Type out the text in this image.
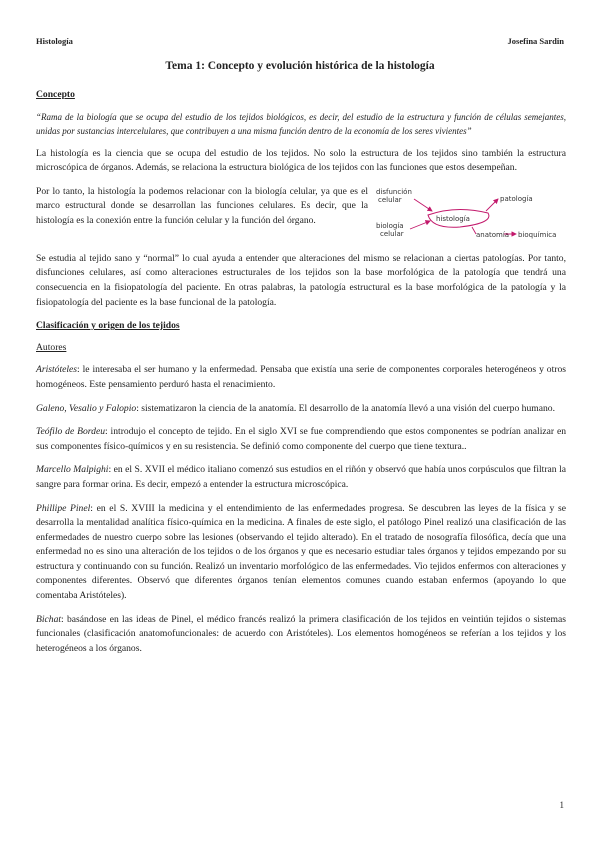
Histología	Josefina Sardin
Tema 1: Concepto y evolución histórica de la histología
Concepto

“Rama de la biología que se ocupa del estudio de los tejidos biológicos, es decir, del estudio de la estructura y función de células semejantes, unidas por sustancias intercelulares, que contribuyen a una misma función dentro de la economía de los seres vivientes”

La histología es la ciencia que se ocupa del estudio de los tejidos. No solo la estructura de los tejidos sino también la estructura microscópica de órganos. Además, se relaciona la estructura biológica de los tejidos con las funciones que estos desempeñan.

Por lo tanto, la histología la podemos relacionar con la biología celular, ya que es el marco estructural donde se desarrollan las funciones celulares. Es decir, que la histología es la conexión entre la función celular y la función del órgano.	histología
disfunción
celular
biología
celular
patología
anatomía bioquímica

Se estudia al tejido sano y “normal” lo cual ayuda a entender que alteraciones del mismo se relacionan a ciertas patologías. Por tanto, disfunciones celulares, así como alteraciones estructurales de los tejidos son la base morfológica de la patología que tendrá una consecuencia en la fisiopatología del paciente. En otras palabras, la patología estructural es la base morfológica de la patología y la fisiopatología del paciente es la base funcional de la patología.

Clasificación y origen de los tejidos
Autores

Aristóteles: le interesaba el ser humano y la enfermedad. Pensaba que existía una serie de componentes corporales heterogéneos y otros homogéneos. Este pensamiento perduró hasta el renacimiento.

Galeno, Vesalio y Falopio: sistematizaron la ciencia de la anatomía. El desarrollo de la anatomía llevó a una visión del cuerpo humano.

Teófilo de Bordeu: introdujo el concepto de tejido. En el siglo XVI se fue comprendiendo que estos componentes se podrían analizar en sus componentes físico-químicos y en su resistencia. Se definió como componente del cuerpo que tiene textura..

Marcello Malpighi: en el S. XVII el médico italiano comenzó sus estudios en el riñón y observó que había unos corpúsculos que filtran la sangre para formar orina. Es decir, empezó a entender la estructura microscópica.

Phillipe Pinel: en el S. XVIII la medicina y el entendimiento de las enfermedades progresa. Se descubren las leyes de la física y se desarrolla la mentalidad analítica físico-química en la medicina. A finales de este siglo, el patólogo Pinel realizó una clasificación de las enfermedades de nuestro cuerpo sobre las lesiones (observando el tejido alterado). En el tratado de nosografía filosófica, decía que una enfermedad no es sino una alteración de los tejidos o de los órganos y que es necesario estudiar tales órganos y tejidos empezando por su estructura y continuando con su función. Realizó un inventario morfológico de las enfermedades. Vio tejidos enfermos con alteraciones y componentes diferentes. Observó que diferentes órganos tenían elementos comunes cuando estaban enfermos (apoyando lo que comentaba Aristóteles).

Bichat: basándose en las ideas de Pinel, el médico francés realizó la primera clasificación de los tejidos en veintiún tejidos o sistemas funcionales (clasificación anatomofuncionales: de acuerdo con Aristóteles). Los elementos homogéneos se referían a los tejidos y los heterogéneos a los órganos.

1
